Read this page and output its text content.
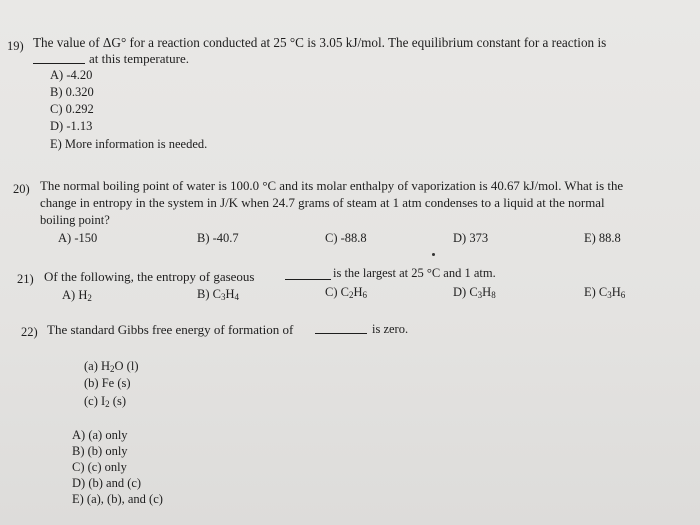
19) The value of ΔG° for a reaction conducted at 25 °C is 3.05 kJ/mol. The equilibrium constant for a reaction is
at this temperature.
A) -4.20
B) 0.320
C) 0.292
D) -1.13
E) More information is needed.
20) The normal boiling point of water is 100.0 °C and its molar enthalpy of vaporization is 40.67 kJ/mol. What is the
change in entropy in the system in J/K when 24.7 grams of steam at 1 atm condenses to a liquid at the normal
boiling point?
A) -150	B) -40.7	C) -88.8	D) 373	E) 88.8
21) Of the following, the entropy of gaseous	is the largest at 25 °C and 1 atm.
A) $H_2$	B) $C_3H_4$	C) $C_2H_6$	D) $C_3H_8$	E) $C_3H_6$
22) The standard Gibbs free energy of formation of	is zero.
(a) $H_2O$ (l)
(b) Fe (s)
(c) $I_2$ (s)
A) (a) only
B) (b) only
C) (c) only
D) (b) and (c)
E) (a), (b), and (c)
